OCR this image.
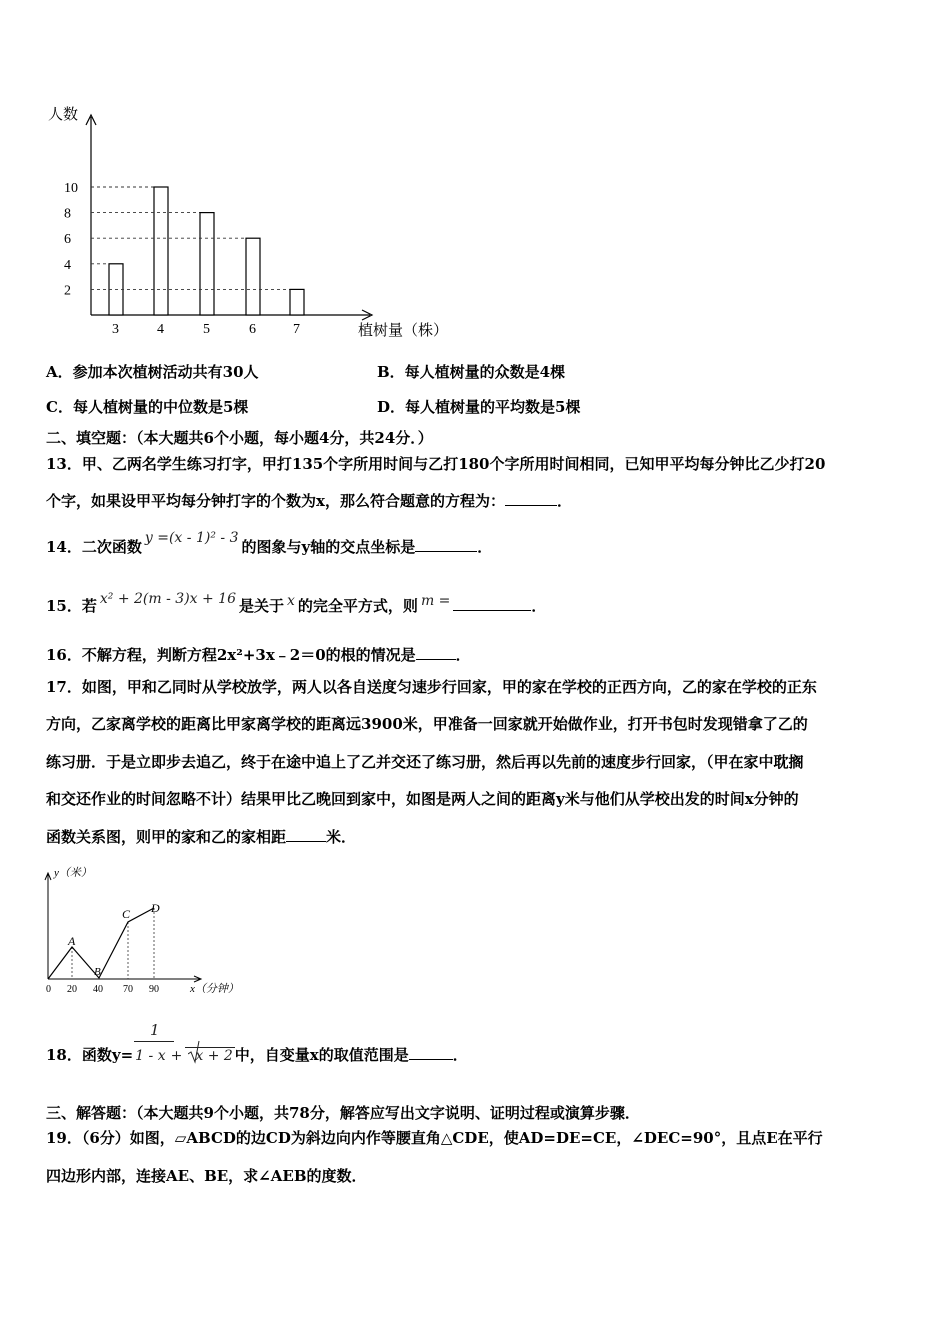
人数
植树量（株）
2
4
6
8
10
3	4	5	6	7
A．参加本次植树活动共有30人	B．每人植树量的众数是4棵
C．每人植树量的中位数是5棵	D．每人植树量的平均数是5棵
二、填空题：（本大题共6个小题，每小题4分，共24分．）
13．甲、乙两名学生练习打字，甲打135个字所用时间与乙打180个字所用时间相同，已知甲平均每分钟比乙少打20
个字，如果设甲平均每分钟打字的个数为x，那么符合题意的方程为：	．
14．二次函数 y =(x - 1)² - 3 的图象与y轴的交点坐标是	．
15．若 x² + 2(m - 3)x + 16 是关于 x 的完全平方式，则 m =	．
16．不解方程，判断方程2x²+3x﹣2＝0的根的情况是	．
17．如图，甲和乙同时从学校放学，两人以各自送度匀速步行回家，甲的家在学校的正西方向，乙的家在学校的正东
方向，乙家离学校的距离比甲家离学校的距离远3900米，甲准备一回家就开始做作业，打开书包时发现错拿了乙的
练习册．于是立即步去追乙，终于在途中追上了乙并交还了练习册，然后再以先前的速度步行回家，（甲在家中耽搁
和交还作业的时间忽略不计）结果甲比乙晚回到家中，如图是两人之间的距离y米与他们从学校出发的时间x分钟的
函数关系图，则甲的家和乙的家相距	米．
y（米）
x（分钟）
A
B
C D
0 20 40 70 90
18．函数y= 1 - x + x + 2 中，自变量x的取值范围是	．
1
三、解答题：（本大题共9个小题，共78分，解答应写出文字说明、证明过程或演算步骤．
19．（6分）如图，▱ABCD的边CD为斜边向内作等腰直角△CDE，使AD=DE=CE，∠DEC=90°，且点E在平行
四边形内部，连接AE、BE，求∠AEB的度数．
